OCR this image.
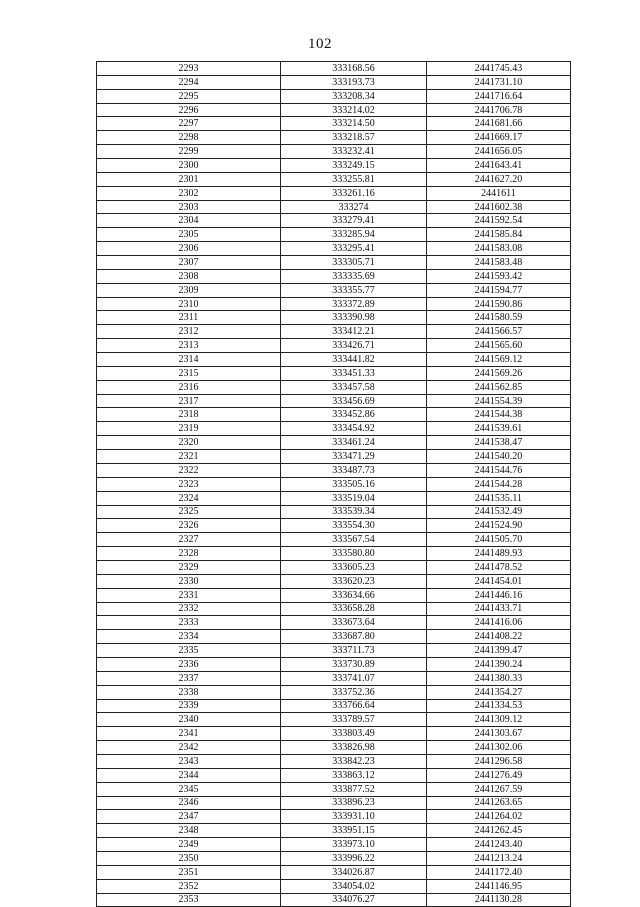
102
2293	333168.56	2441745.43
2294	333193.73	2441731.10
2295	333208.34	2441716.64
2296	333214.02	2441706.78
2297	333214.50	2441681.66
2298	333218.57	2441669.17
2299	333232.41	2441656.05
2300	333249.15	2441643.41
2301	333255.81	2441627.20
2302	333261.16	2441611
2303	333274	2441602.38
2304	333279.41	2441592.54
2305	333285.94	2441585.84
2306	333295.41	2441583.08
2307	333305.71	2441583.48
2308	333335.69	2441593.42
2309	333355.77	2441594.77
2310	333372.89	2441590.86
2311	333390.98	2441580.59
2312	333412.21	2441566.57
2313	333426.71	2441565.60
2314	333441.82	2441569.12
2315	333451.33	2441569.26
2316	333457.58	2441562.85
2317	333456.69	2441554.39
2318	333452.86	2441544.38
2319	333454.92	2441539.61
2320	333461.24	2441538.47
2321	333471.29	2441540.20
2322	333487.73	2441544.76
2323	333505.16	2441544.28
2324	333519.04	2441535.11
2325	333539.34	2441532.49
2326	333554.30	2441524.90
2327	333567.54	2441505.70
2328	333580.80	2441489.93
2329	333605.23	2441478.52
2330	333620.23	2441454.01
2331	333634.66	2441446.16
2332	333658.28	2441433.71
2333	333673.64	2441416.06
2334	333687.80	2441408.22
2335	333711.73	2441399.47
2336	333730.89	2441390.24
2337	333741.07	2441380.33
2338	333752.36	2441354.27
2339	333766.64	2441334.53
2340	333789.57	2441309.12
2341	333803.49	2441303.67
2342	333826.98	2441302.06
2343	333842.23	2441296.58
2344	333863.12	2441276.49
2345	333877.52	2441267.59
2346	333896.23	2441263.65
2347	333931.10	2441264.02
2348	333951.15	2441262.45
2349	333973.10	2441243.40
2350	333996.22	2441213.24
2351	334026.87	2441172.40
2352	334054.02	2441146.95
2353	334076.27	2441130.28
